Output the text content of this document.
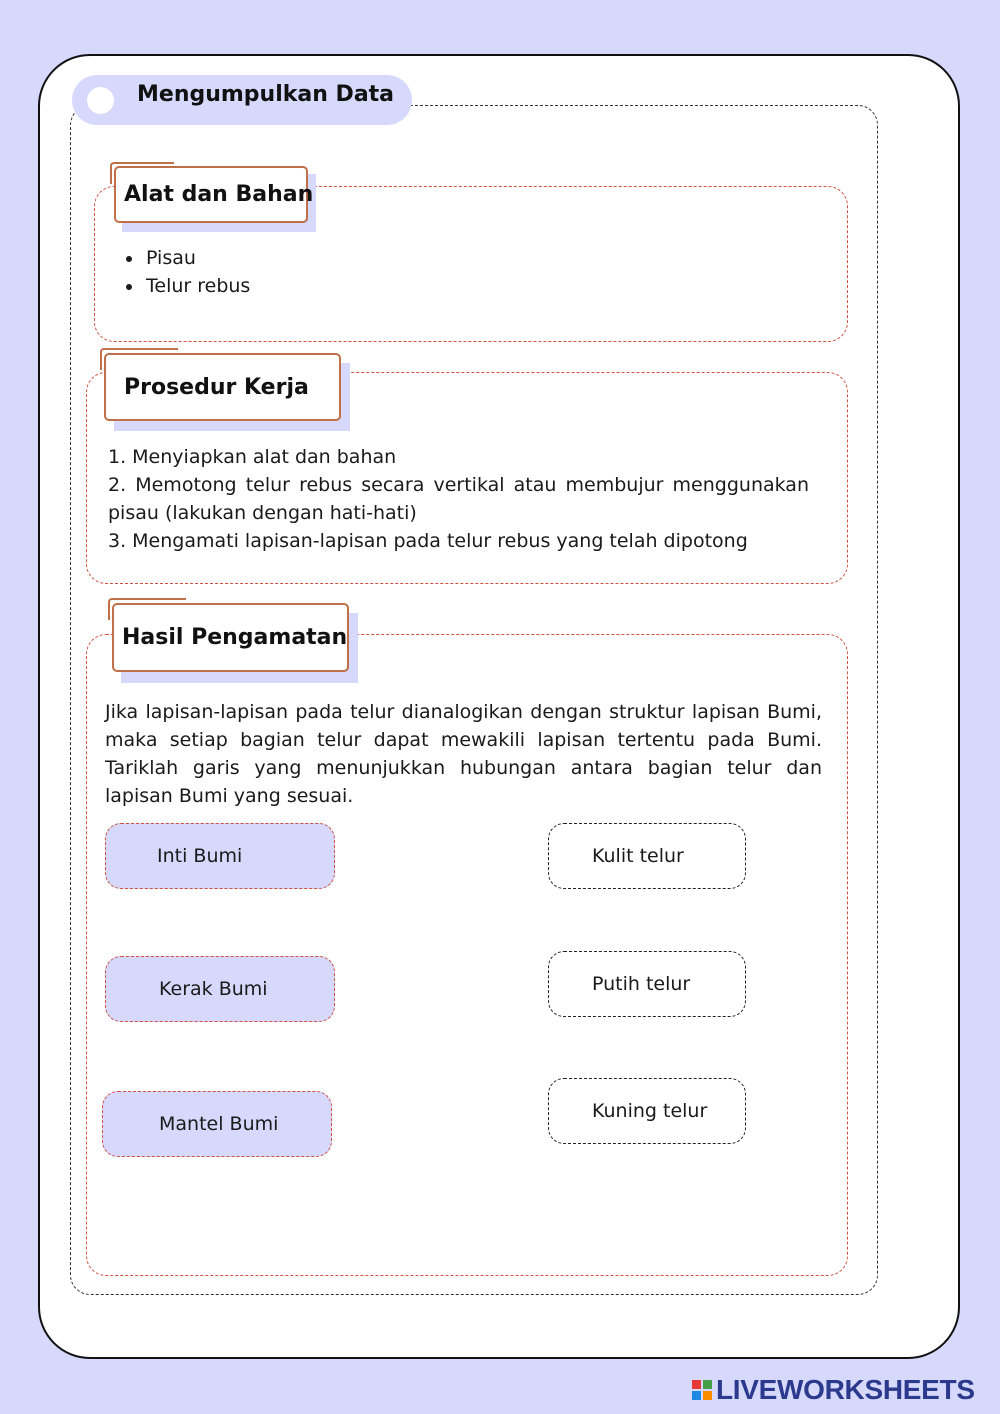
Mengumpulkan Data
Alat dan Bahan
• Pisau
• Telur rebus
Prosedur Kerja
1. Menyiapkan alat dan bahan
2. Memotong telur rebus secara vertikal atau membujur menggunakan pisau (lakukan dengan hati-hati)
3. Mengamati lapisan-lapisan pada telur rebus yang telah dipotong
Hasil Pengamatan
Jika lapisan-lapisan pada telur dianalogikan dengan struktur lapisan Bumi, maka setiap bagian telur dapat mewakili lapisan tertentu pada Bumi. Tariklah garis yang menunjukkan hubungan antara bagian telur dan lapisan Bumi yang sesuai.
Inti Bumi
Kerak Bumi
Mantel Bumi
Kulit telur
Putih telur
Kuning telur
LIVEWORKSHEETS
